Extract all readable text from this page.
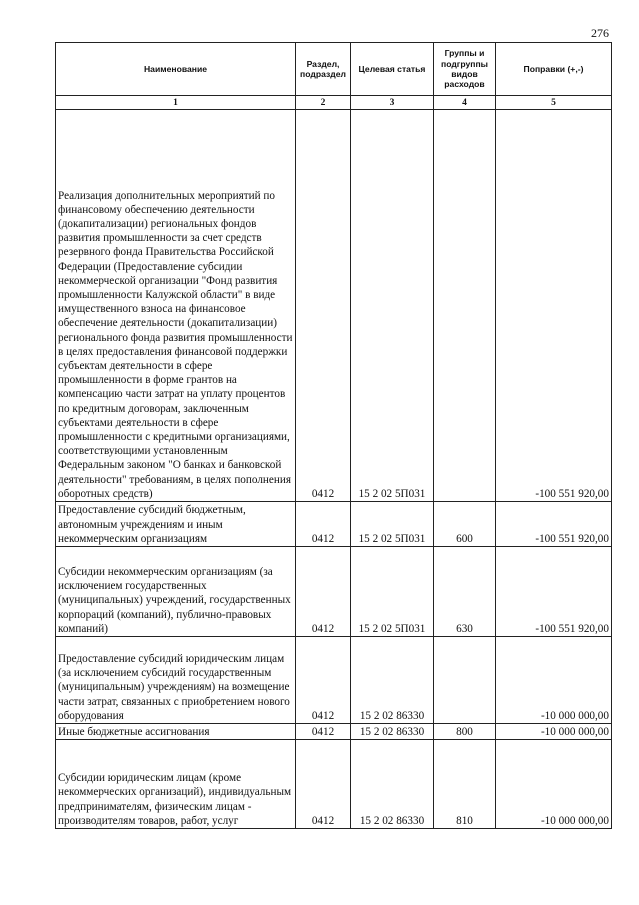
276
Наименование	Раздел, подраздел	Целевая статья	Группы и подгруппы видов расходов	Поправки (+,-)
1	2	3	4	5
Реализация дополнительных мероприятий по финансовому обеспечению деятельности (докапитализации) региональных фондов развития промышленности за счет средств резервного фонда Правительства Российской Федерации (Предоставление субсидии некоммерческой организации "Фонд развития промышленности Калужской области" в виде имущественного взноса на финансовое обеспечение деятельности (докапитализации) регионального фонда развития промышленности в целях предоставления финансовой поддержки субъектам деятельности в сфере промышленности в форме грантов на компенсацию части затрат на уплату процентов по кредитным договорам, заключенным субъектами деятельности в сфере промышленности с кредитными организациями, соответствующими установленным Федеральным законом "О банках и банковской деятельности" требованиям, в целях пополнения оборотных средств)	0412	15 2 02 5П031		-100 551 920,00
Предоставление субсидий бюджетным, автономным учреждениям и иным некоммерческим организациям	0412	15 2 02 5П031	600	-100 551 920,00
Субсидии некоммерческим организациям (за исключением государственных (муниципальных) учреждений, государственных корпораций (компаний), публично-правовых компаний)	0412	15 2 02 5П031	630	-100 551 920,00
Предоставление субсидий юридическим лицам (за исключением субсидий государственным (муниципальным) учреждениям) на возмещение части затрат, связанных с приобретением нового оборудования	0412	15 2 02 86330		-10 000 000,00
Иные бюджетные ассигнования	0412	15 2 02 86330	800	-10 000 000,00
Субсидии юридическим лицам (кроме некоммерческих организаций), индивидуальным предпринимателям, физическим лицам - производителям товаров, работ, услуг	0412	15 2 02 86330	810	-10 000 000,00
